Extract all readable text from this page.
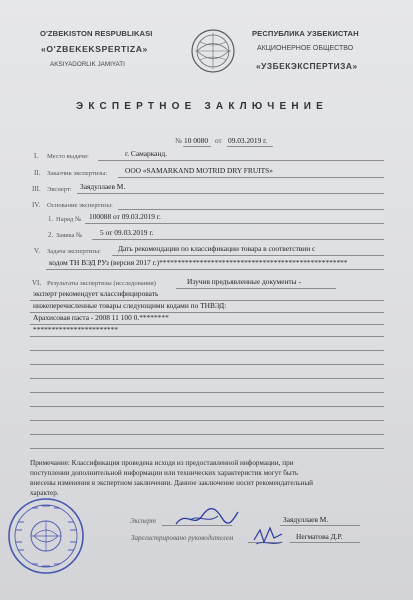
O'ZBEKISTON RESPUBLIKASI
«O'ZBEKEKSPERTIZA»
AKSIYADORLIK JAMIYATI
РЕСПУБЛИКА УЗБЕКИСТАН
АКЦИОНЕРНОЕ ОБЩЕСТВО
«УЗБЕКЭКСПЕРТИЗА»
ЭКСПЕРТНОЕ ЗАКЛЮЧЕНИЕ
№ 10 0080 от 09.03.2019 г.
I. Место выдачи:	г. Самарканд.
II. Заказчик экспертизы: ООО «SAMARKAND MOTRID DRY FRUITS»
III. Эксперт: Заядуллаев М.
IV. Основание экспертизы:
1. Наряд № 100088 от 09.03.2019 г.
2. Заявка № 5 от 09.03.2019 г.
V. Задача экспертизы: Дать рекомендации по классификации товара в соответствии с
кодом ТН ВЭД РУз (версия 2017 г.)***************************************************
VI. Результаты экспертизы (исследования)	Изучив предъявленные документы -
эксперт рекомендует классифицировать
нижеперечисленные товары следующими кодами по ТНВЭД:
Арахисовая паста - 2008 11 100 0.********
***********************
Примечание: Классификация проведена исходя из предоставленной информации, при
поступлении дополнительной информации или технических характеристик могут быть
внесены изменения в экспертном заключении. Данное заключение носит рекомендательный
характер.
Эксперт	Заядуллаев М.
Зарегистрировано руководителем	Негматова Д.Р.
